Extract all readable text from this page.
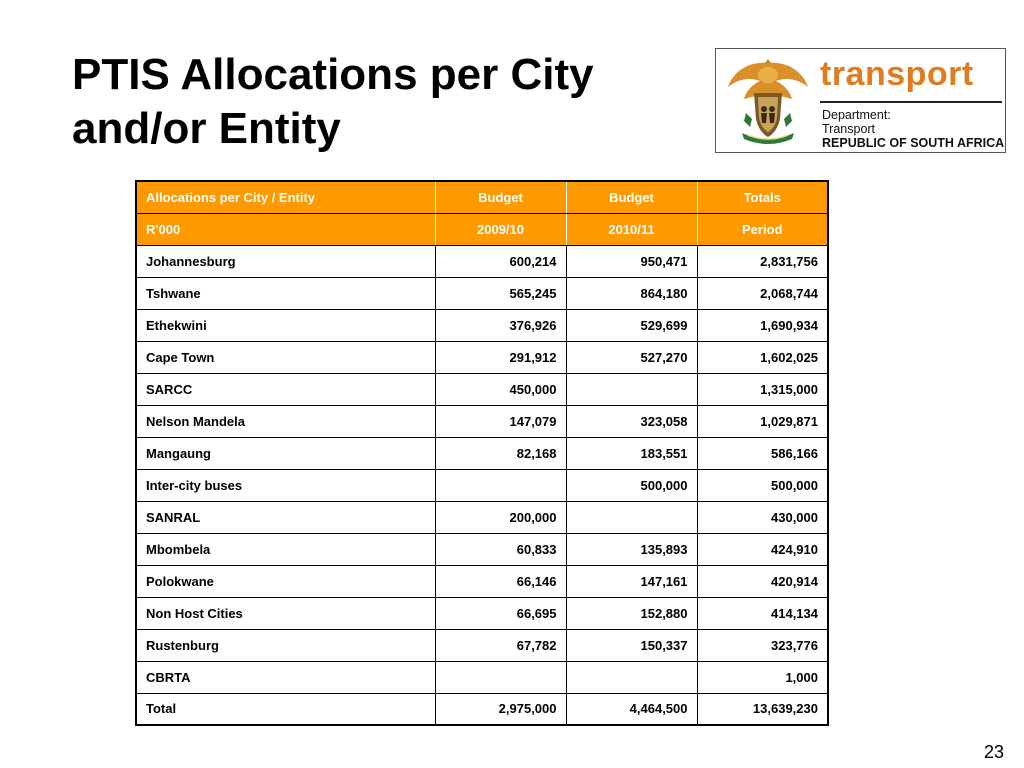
PTIS Allocations per City
and/or Entity
transport
Department:
Transport
REPUBLIC OF SOUTH AFRICA
Allocations per City / Entity	Budget	Budget	Totals
R'000	2009/10	2010/11	Period
Johannesburg	600,214	950,471	2,831,756
Tshwane	565,245	864,180	2,068,744
Ethekwini	376,926	529,699	1,690,934
Cape Town	291,912	527,270	1,602,025
SARCC	450,000		1,315,000
Nelson Mandela	147,079	323,058	1,029,871
Mangaung	82,168	183,551	586,166
Inter-city buses		500,000	500,000
SANRAL	200,000		430,000
Mbombela	60,833	135,893	424,910
Polokwane	66,146	147,161	420,914
Non Host Cities	66,695	152,880	414,134
Rustenburg	67,782	150,337	323,776
CBRTA			1,000
Total	2,975,000	4,464,500	13,639,230
23
